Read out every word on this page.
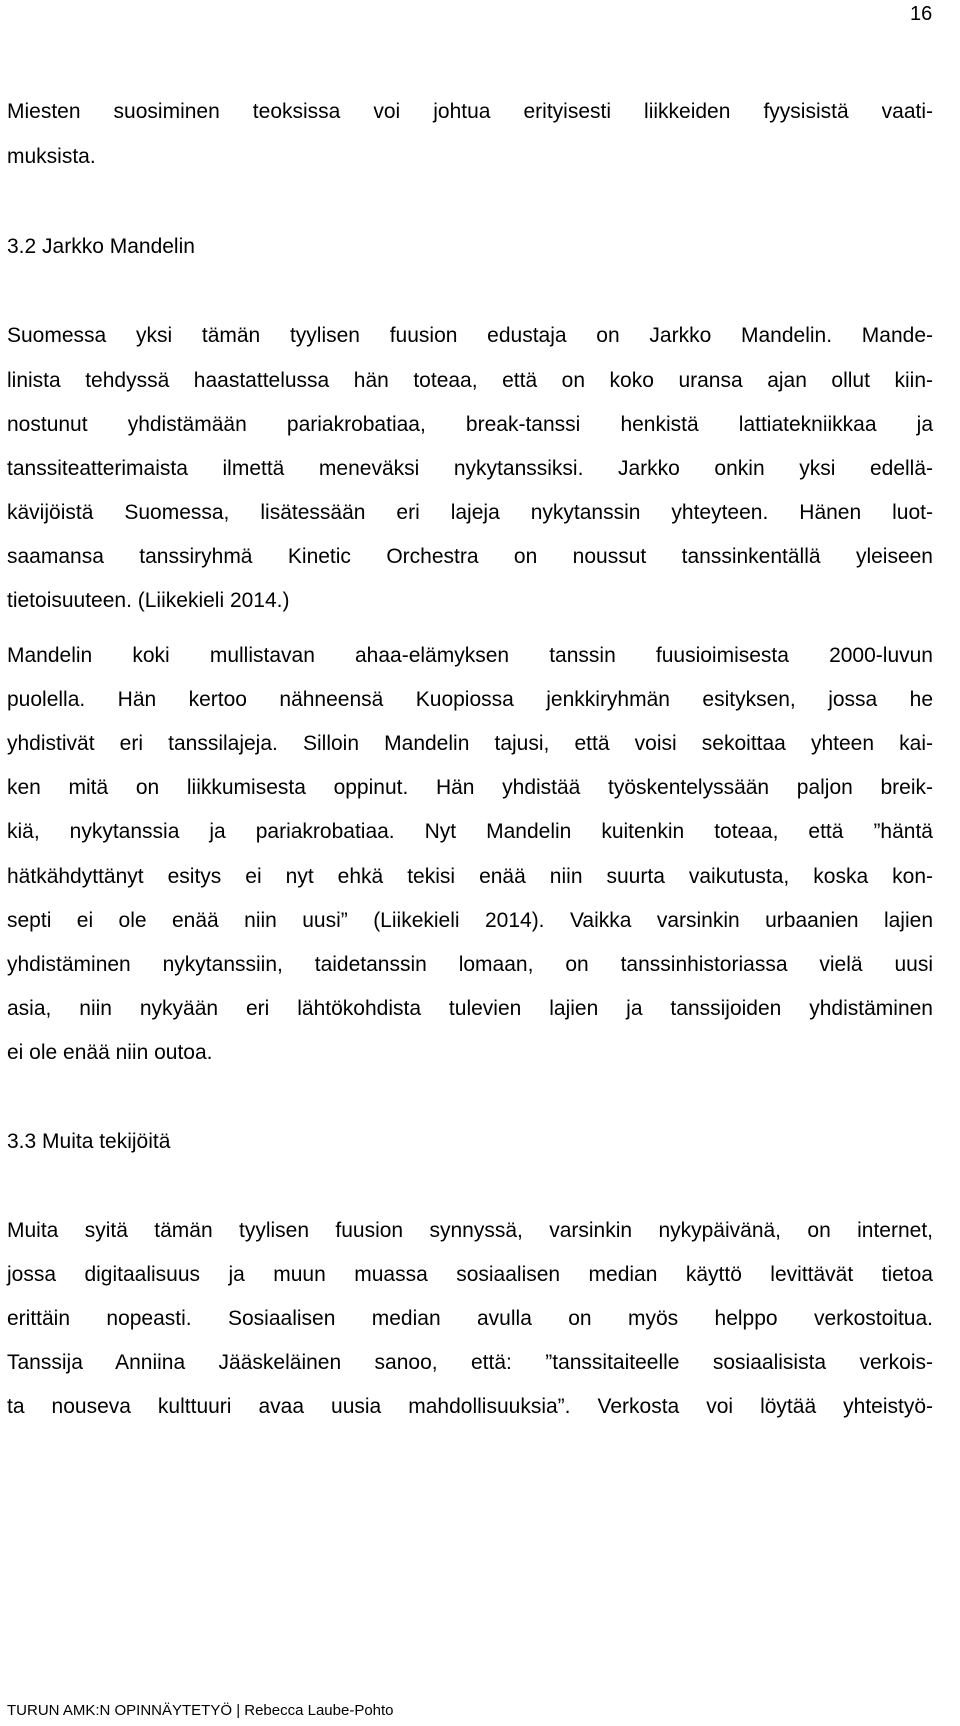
16
Miesten suosiminen teoksissa voi johtua erityisesti liikkeiden fyysisistä vaati-
muksista.
3.2 Jarkko Mandelin
Suomessa yksi tämän tyylisen fuusion edustaja on Jarkko Mandelin. Mande-
linista tehdyssä haastattelussa hän toteaa, että on koko uransa ajan ollut kiin-
nostunut yhdistämään pariakrobatiaa, break-tanssi henkistä lattiatekniikkaa ja
tanssiteatterimaista ilmettä meneväksi nykytanssiksi. Jarkko onkin yksi edellä-
kävijöistä Suomessa, lisätessään eri lajeja nykytanssin yhteyteen. Hänen luot-
saamansa tanssiryhmä Kinetic Orchestra on noussut tanssinkentällä yleiseen
tietoisuuteen. (Liikekieli 2014.)
Mandelin koki mullistavan ahaa-elämyksen tanssin fuusioimisesta 2000-luvun
puolella. Hän kertoo nähneensä Kuopiossa jenkkiryhmän esityksen, jossa he
yhdistivät eri tanssilajeja. Silloin Mandelin tajusi, että voisi sekoittaa yhteen kai-
ken mitä on liikkumisesta oppinut. Hän yhdistää työskentelyssään paljon breik-
kiä, nykytanssia ja pariakrobatiaa. Nyt Mandelin kuitenkin toteaa, että ”häntä
hätkähdyttänyt esitys ei nyt ehkä tekisi enää niin suurta vaikutusta, koska kon-
septi ei ole enää niin uusi” (Liikekieli 2014). Vaikka varsinkin urbaanien lajien
yhdistäminen nykytanssiin, taidetanssin lomaan, on tanssinhistoriassa vielä uusi
asia, niin nykyään eri lähtökohdista tulevien lajien ja tanssijoiden yhdistäminen
ei ole enää niin outoa.
3.3 Muita tekijöitä
Muita syitä tämän tyylisen fuusion synnyssä, varsinkin nykypäivänä, on internet,
jossa digitaalisuus ja muun muassa sosiaalisen median käyttö levittävät tietoa
erittäin nopeasti. Sosiaalisen median avulla on myös helppo verkostoitua.
Tanssija Anniina Jääskeläinen sanoo, että: ”tanssitaiteelle sosiaalisista verkois-
ta nouseva kulttuuri avaa uusia mahdollisuuksia”. Verkosta voi löytää yhteistyö-
TURUN AMK:N OPINNÄYTETYÖ | Rebecca Laube-Pohto
